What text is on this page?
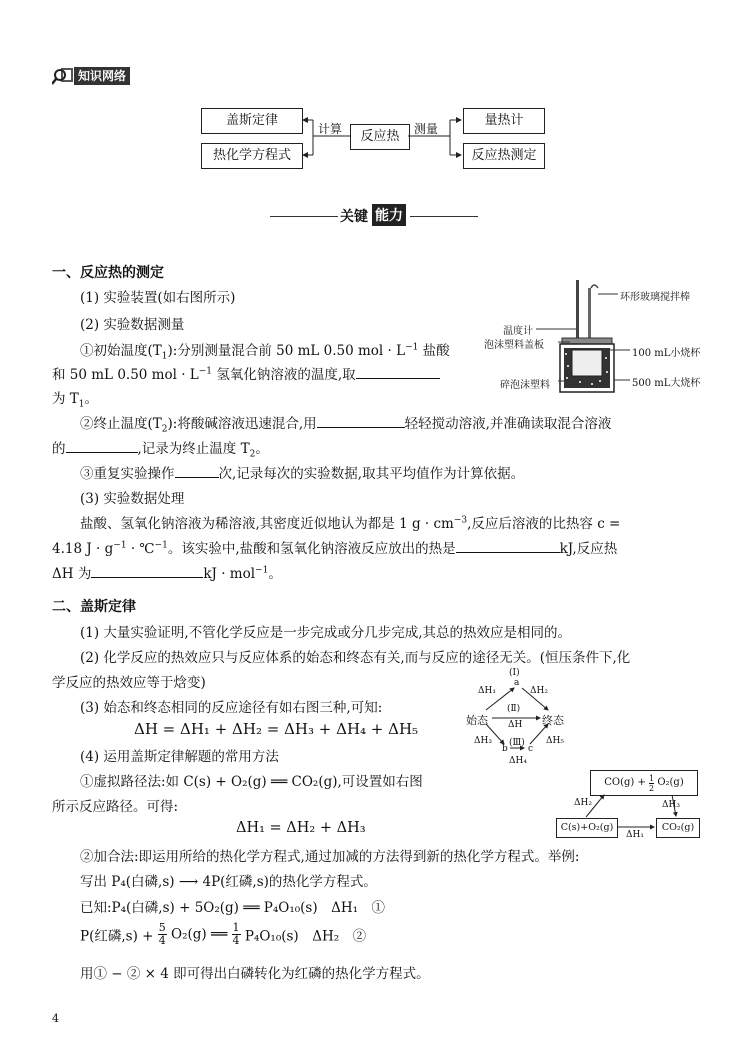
知识网络
盖斯定律
热化学方程式
反应热
量热计
反应热测定
计算	测量
关键 能力
一、反应热的测定
(1) 实验装置(如右图所示)
(2) 实验数据测量
①初始温度$(T_1)$:分别测量混合前 50 mL 0.50 mol · $L^{-1}$ 盐酸
和 50 mL 0.50 mol · $L^{-1}$ 氢氧化钠溶液的温度,取
为 $T_1$。
②终止温度$(T_2)$:将酸碱溶液迅速混合,用	轻轻搅动溶液,并准确读取混合溶液
的	,记录为终止温度 $T_2$。
③重复实验操作	次,记录每次的实验数据,取其平均值作为计算依据。
(3) 实验数据处理
盐酸、氢氧化钠溶液为稀溶液,其密度近似地认为都是 1 $g \cdot cm^{-3}$,反应后溶液的比热容 c =
4.18 $J \cdot g^{-1}$ · ℃$^{-1}$。该实验中,盐酸和氢氧化钠溶液反应放出的热是	kJ,反应热
ΔH 为	kJ · mol$^{-1}$。
环形玻璃搅拌棒
温度计
泡沫塑料盖板
100 mL小烧杯
500 mL大烧杯
碎泡沫塑料
二、盖斯定律
(1) 大量实验证明,不管化学反应是一步完成或分几步完成,其总的热效应是相同的。
(2) 化学反应的热效应只与反应体系的始态和终态有关,而与反应的途径无关。(恒压条件下,化
学反应的热效应等于焓变)
(3) 始态和终态相同的反应途径有如右图三种,可知:
ΔH = ΔH₁ + ΔH₂ = ΔH₃ + ΔH₄ + ΔH₅
(4) 运用盖斯定律解题的常用方法
①虚拟路径法:如 C(s) + O₂(g) ══ CO₂(g),可设置如右图
所示反应路径。可得:
ΔH₁ = ΔH₂ + ΔH₃
②加合法:即运用所给的热化学方程式,通过加减的方法得到新的热化学方程式。举例:
写出 P₄(白磷,s) ⟶ 4P(红磷,s)的热化学方程式。
已知:P₄(白磷,s) + 5O₂(g) ══ P₄O₁₀(s)　ΔH₁　①
P(红磷$,s) + \frac{5}{4} O_2(g)$ ══ $\frac{1}{4} P_4O_{10}(s)$　ΔH₂　②
用① − ② × 4 即可得出白磷转化为红磷的热化学方程式。
(Ⅰ)
a
ΔH₁	ΔH₂
(Ⅱ)
始态	终态
ΔH
ΔH₃	ΔH₅
b
(Ⅲ)
c
ΔH₄
$CO(g) + \frac{1}{2} O_2(g)$
C(s)+O₂(g)	CO₂(g)
ΔH₂	ΔH₃
ΔH₁
4
